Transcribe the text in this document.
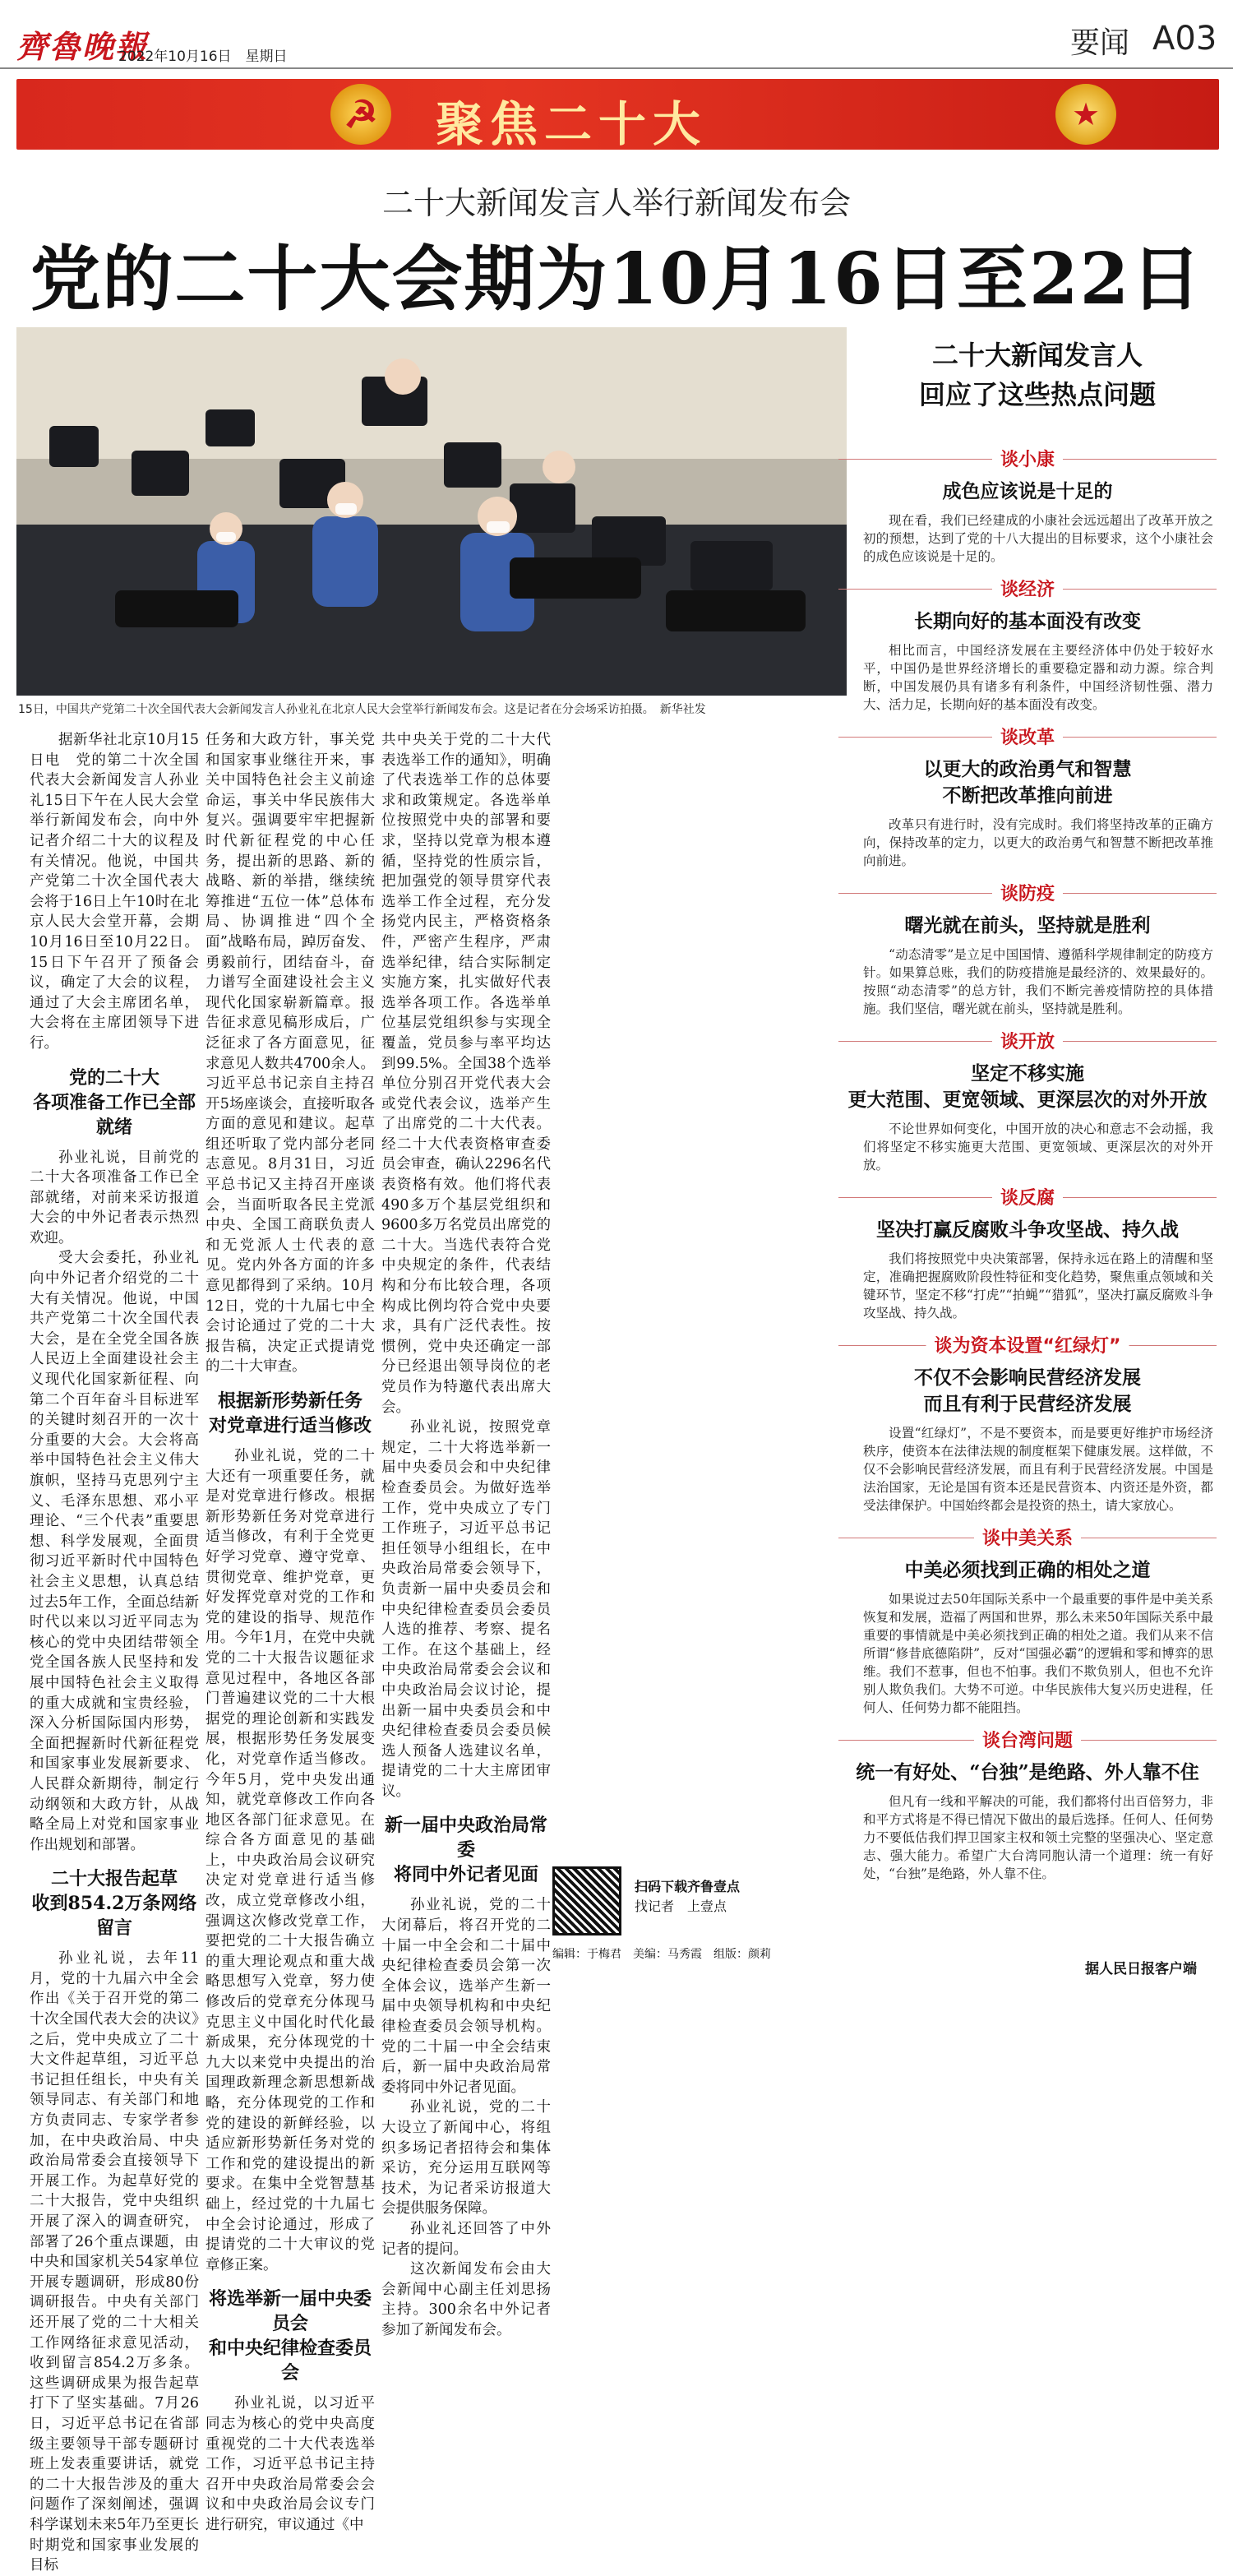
齊魯晚報
2022年10月16日　星期日	要闻 A03
☭ 聚焦二十大	★
二十大新闻发言人举行新闻发布会
党的二十大会期为10月16日至22日
15日，中国共产党第二十次全国代表大会新闻发言人孙业礼在北京人民大会堂举行新闻发布会。这是记者在分会场采访拍摄。　新华社发

据新华社北京10月15日电　党的第二十次全国代表大会新闻发言人孙业礼15日下午在人民大会堂举行新闻发布会，向中外记者介绍二十大的议程及有关情况。他说，中国共产党第二十次全国代表大会将于16日上午10时在北京人民大会堂开幕，会期10月16日至10月22日。15日下午召开了预备会议，确定了大会的议程，通过了大会主席团名单，大会将在主席团领导下进行。

党的二十大
各项准备工作已全部就绪

孙业礼说，目前党的二十大各项准备工作已全部就绪，对前来采访报道大会的中外记者表示热烈欢迎。

受大会委托，孙业礼向中外记者介绍党的二十大有关情况。他说，中国共产党第二十次全国代表大会，是在全党全国各族人民迈上全面建设社会主义现代化国家新征程、向第二个百年奋斗目标进军的关键时刻召开的一次十分重要的大会。大会将高举中国特色社会主义伟大旗帜，坚持马克思列宁主义、毛泽东思想、邓小平理论、“三个代表”重要思想、科学发展观，全面贯彻习近平新时代中国特色社会主义思想，认真总结过去5年工作，全面总结新时代以来以习近平同志为核心的党中央团结带领全党全国各族人民坚持和发展中国特色社会主义取得的重大成就和宝贵经验，深入分析国际国内形势，全面把握新时代新征程党和国家事业发展新要求、人民群众新期待，制定行动纲领和大政方针，从战略全局上对党和国家事业作出规划和部署。

二十大报告起草
收到854.2万条网络留言

孙业礼说，去年11月，党的十九届六中全会作出《关于召开党的第二十次全国代表大会的决议》之后，党中央成立了二十大文件起草组，习近平总书记担任组长，中央有关领导同志、有关部门和地方负责同志、专家学者参加，在中央政治局、中央政治局常委会直接领导下开展工作。为起草好党的二十大报告，党中央组织开展了深入的调查研究，部署了26个重点课题，由中央和国家机关54家单位开展专题调研，形成80份调研报告。中央有关部门还开展了党的二十大相关工作网络征求意见活动，收到留言854.2万多条。这些调研成果为报告起草打下了坚实基础。7月26日，习近平总书记在省部级主要领导干部专题研讨班上发表重要讲话，就党的二十大报告涉及的重大问题作了深刻阐述，强调科学谋划未来5年乃至更长时期党和国家事业发展的目标

任务和大政方针，事关党和国家事业继往开来，事关中国特色社会主义前途命运，事关中华民族伟大复兴。强调要牢牢把握新时代新征程党的中心任务，提出新的思路、新的战略、新的举措，继续统筹推进“五位一体”总体布局、协调推进“四个全面”战略布局，踔厉奋发、勇毅前行，团结奋斗，奋力谱写全面建设社会主义现代化国家崭新篇章。报告征求意见稿形成后，广泛征求了各方面意见，征求意见人数共4700余人。习近平总书记亲自主持召开5场座谈会，直接听取各方面的意见和建议。起草组还听取了党内部分老同志意见。8月31日，习近平总书记又主持召开座谈会，当面听取各民主党派中央、全国工商联负责人和无党派人士代表的意见。党内外各方面的许多意见都得到了采纳。10月12日，党的十九届七中全会讨论通过了党的二十大报告稿，决定正式提请党的二十大审查。

根据新形势新任务
对党章进行适当修改

孙业礼说，党的二十大还有一项重要任务，就是对党章进行修改。根据新形势新任务对党章进行适当修改，有利于全党更好学习党章、遵守党章、贯彻党章、维护党章，更好发挥党章对党的工作和党的建设的指导、规范作用。今年1月，在党中央就党的二十大报告议题征求意见过程中，各地区各部门普遍建议党的二十大根据党的理论创新和实践发展，根据形势任务发展变化，对党章作适当修改。今年5月，党中央发出通知，就党章修改工作向各地区各部门征求意见。在综合各方面意见的基础上，中央政治局会议研究决定对党章进行适当修改，成立党章修改小组，强调这次修改党章工作，要把党的二十大报告确立的重大理论观点和重大战略思想写入党章，努力使修改后的党章充分体现马克思主义中国化时代化最新成果，充分体现党的十九大以来党中央提出的治国理政新理念新思想新战略，充分体现党的工作和党的建设的新鲜经验，以适应新形势新任务对党的工作和党的建设提出的新要求。在集中全党智慧基础上，经过党的十九届七中全会讨论通过，形成了提请党的二十大审议的党章修正案。

将选举新一届中央委员会
和中央纪律检查委员会

孙业礼说，以习近平同志为核心的党中央高度重视党的二十大代表选举工作，习近平总书记主持召开中央政治局常委会会议和中央政治局会议专门进行研究，审议通过《中

共中央关于党的二十大代表选举工作的通知》，明确了代表选举工作的总体要求和政策规定。各选举单位按照党中央的部署和要求，坚持以党章为根本遵循，坚持党的性质宗旨，把加强党的领导贯穿代表选举工作全过程，充分发扬党内民主，严格资格条件，严密产生程序，严肃选举纪律，结合实际制定实施方案，扎实做好代表选举各项工作。各选举单位基层党组织参与实现全覆盖，党员参与率平均达到99.5%。全国38个选举单位分别召开党代表大会或党代表会议，选举产生了出席党的二十大代表。经二十大代表资格审查委员会审查，确认2296名代表资格有效。他们将代表490多万个基层党组织和9600多万名党员出席党的二十大。当选代表符合党中央规定的条件，代表结构和分布比较合理，各项构成比例均符合党中央要求，具有广泛代表性。按惯例，党中央还确定一部分已经退出领导岗位的老党员作为特邀代表出席大会。

孙业礼说，按照党章规定，二十大将选举新一届中央委员会和中央纪律检查委员会。为做好选举工作，党中央成立了专门工作班子，习近平总书记担任领导小组组长，在中央政治局常委会领导下，负责新一届中央委员会和中央纪律检查委员会委员人选的推荐、考察、提名工作。在这个基础上，经中央政治局常委会会议和中央政治局会议讨论，提出新一届中央委员会和中央纪律检查委员会委员候选人预备人选建议名单，提请党的二十大主席团审议。

新一届中央政治局常委
将同中外记者见面

孙业礼说，党的二十大闭幕后，将召开党的二十届一中全会和二十届中央纪律检查委员会第一次全体会议，选举产生新一届中央领导机构和中央纪律检查委员会领导机构。党的二十届一中全会结束后，新一届中央政治局常委将同中外记者见面。

孙业礼说，党的二十大设立了新闻中心，将组织多场记者招待会和集体采访，充分运用互联网等技术，为记者采访报道大会提供服务保障。

孙业礼还回答了中外记者的提问。

这次新闻发布会由大会新闻中心副主任刘思扬主持。300余名中外记者参加了新闻发布会。

扫码下载齐鲁壹点
找记者　上壹点
编辑：于梅君　美编：马秀霞　组版：颜莉
二十大新闻发言人
回应了这些热点问题
谈小康
成色应该说是十足的
现在看，我们已经建成的小康社会远远超出了改革开放之初的预想，达到了党的十八大提出的目标要求，这个小康社会的成色应该说是十足的。
谈经济
长期向好的基本面没有改变
相比而言，中国经济发展在主要经济体中仍处于较好水平，中国仍是世界经济增长的重要稳定器和动力源。综合判断，中国发展仍具有诸多有利条件，中国经济韧性强、潜力大、活力足，长期向好的基本面没有改变。
谈改革
以更大的政治勇气和智慧
不断把改革推向前进
改革只有进行时，没有完成时。我们将坚持改革的正确方向，保持改革的定力，以更大的政治勇气和智慧不断把改革推向前进。
谈防疫
曙光就在前头，坚持就是胜利
“动态清零”是立足中国国情、遵循科学规律制定的防疫方针。如果算总账，我们的防疫措施是最经济的、效果最好的。按照“动态清零”的总方针，我们不断完善疫情防控的具体措施。我们坚信，曙光就在前头，坚持就是胜利。
谈开放
坚定不移实施
更大范围、更宽领域、更深层次的对外开放
不论世界如何变化，中国开放的决心和意志不会动摇，我们将坚定不移实施更大范围、更宽领域、更深层次的对外开放。
谈反腐
坚决打赢反腐败斗争攻坚战、持久战
我们将按照党中央决策部署，保持永远在路上的清醒和坚定，准确把握腐败阶段性特征和变化趋势，聚焦重点领域和关键环节，坚定不移“打虎”“拍蝇”“猎狐”，坚决打赢反腐败斗争攻坚战、持久战。
谈为资本设置“红绿灯”
不仅不会影响民营经济发展
而且有利于民营经济发展
设置“红绿灯”，不是不要资本，而是要更好维护市场经济秩序，使资本在法律法规的制度框架下健康发展。这样做，不仅不会影响民营经济发展，而且有利于民营经济发展。中国是法治国家，无论是国有资本还是民营资本、内资还是外资，都受法律保护。中国始终都会是投资的热土，请大家放心。
谈中美关系
中美必须找到正确的相处之道
如果说过去50年国际关系中一个最重要的事件是中美关系恢复和发展，造福了两国和世界，那么未来50年国际关系中最重要的事情就是中美必须找到正确的相处之道。我们从来不信所谓“修昔底德陷阱”，反对“国强必霸”的逻辑和零和博弈的思维。我们不惹事，但也不怕事。我们不欺负别人，但也不允许别人欺负我们。大势不可逆。中华民族伟大复兴历史进程，任何人、任何势力都不能阻挡。
谈台湾问题
统一有好处、“台独”是绝路、外人靠不住
但凡有一线和平解决的可能，我们都将付出百倍努力，非和平方式将是不得已情况下做出的最后选择。任何人、任何势力不要低估我们捍卫国家主权和领土完整的坚强决心、坚定意志、强大能力。希望广大台湾同胞认清一个道理：统一有好处，“台独”是绝路，外人靠不住。
据人民日报客户端
